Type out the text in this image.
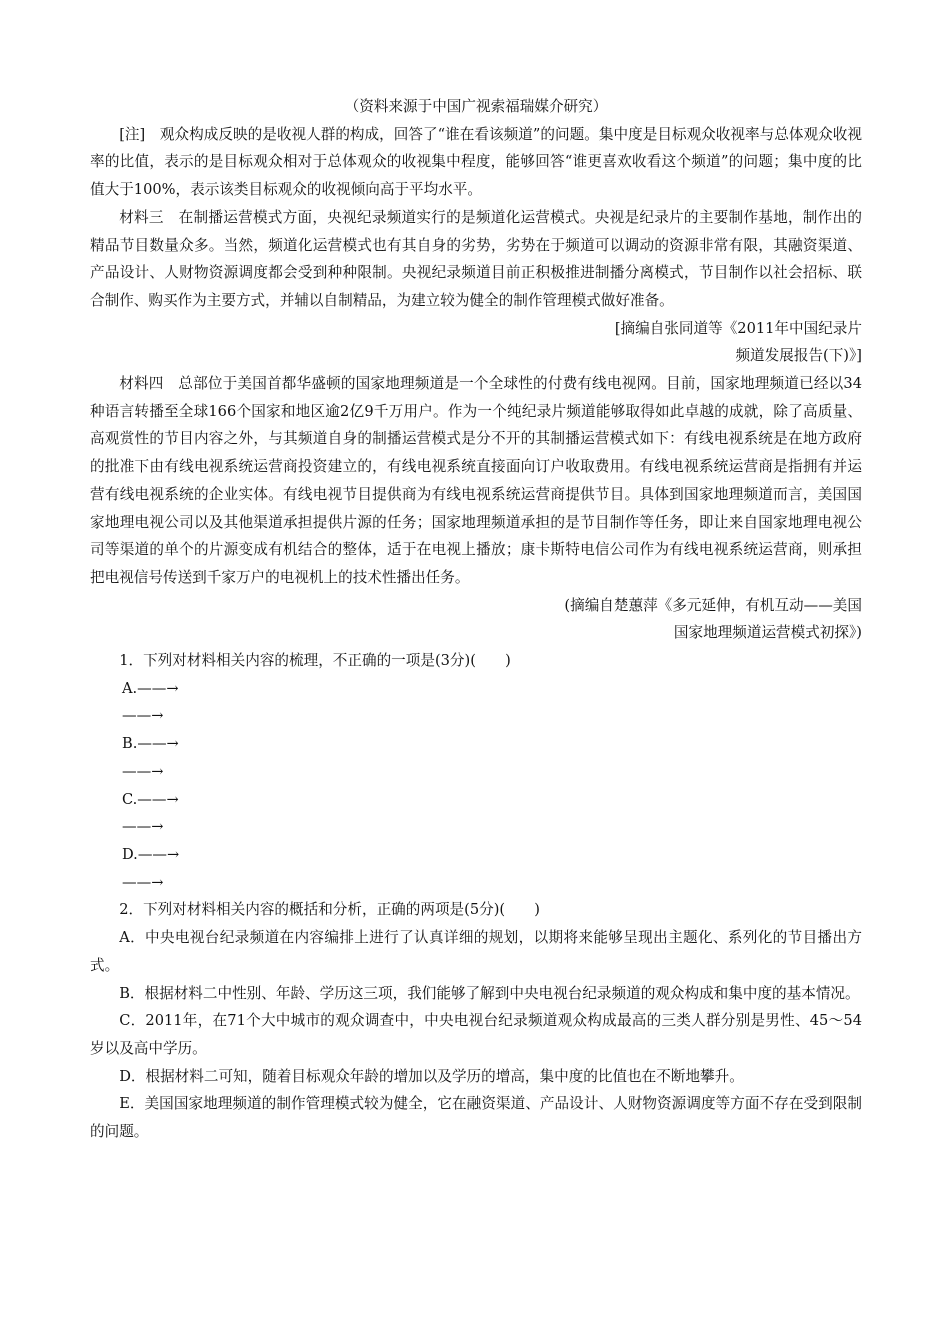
（资料来源于中国广视索福瑞媒介研究）

[注]　观众构成反映的是收视人群的构成，回答了“谁在看该频道”的问题。集中度是目标观众收视率与总体观众收视率的比值，表示的是目标观众相对于总体观众的收视集中程度，能够回答“谁更喜欢收看这个频道”的问题；集中度的比值大于100%，表示该类目标观众的收视倾向高于平均水平。

材料三　在制播运营模式方面，央视纪录频道实行的是频道化运营模式。央视是纪录片的主要制作基地，制作出的精品节目数量众多。当然，频道化运营模式也有其自身的劣势，劣势在于频道可以调动的资源非常有限，其融资渠道、产品设计、人财物资源调度都会受到种种限制。央视纪录频道目前正积极推进制播分离模式，节目制作以社会招标、联合制作、购买作为主要方式，并辅以自制精品，为建立较为健全的制作管理模式做好准备。

[摘编自张同道等《2011年中国纪录片

频道发展报告(下)》]

材料四　总部位于美国首都华盛顿的国家地理频道是一个全球性的付费有线电视网。目前，国家地理频道已经以34种语言转播至全球166个国家和地区逾2亿9千万用户。作为一个纯纪录片频道能够取得如此卓越的成就，除了高质量、高观赏性的节目内容之外，与其频道自身的制播运营模式是分不开的其制播运营模式如下：有线电视系统是在地方政府的批准下由有线电视系统运营商投资建立的，有线电视系统直接面向订户收取费用。有线电视系统运营商是指拥有并运营有线电视系统的企业实体。有线电视节目提供商为有线电视系统运营商提供节目。具体到国家地理频道而言，美国国家地理电视公司以及其他渠道承担提供片源的任务；国家地理频道承担的是节目制作等任务，即让来自国家地理电视公司等渠道的单个的片源变成有机结合的整体，适于在电视上播放；康卡斯特电信公司作为有线电视系统运营商，则承担把电视信号传送到千家万户的电视机上的技术性播出任务。

(摘编自楚蕙萍《多元延伸，有机互动——美国

国家地理频道运营模式初探》)

1．下列对材料相关内容的梳理，不正确的一项是(3分)(　　)

A.——→

——→

B.——→

——→

C.——→

——→

D.——→

——→

2．下列对材料相关内容的概括和分析，正确的两项是(5分)(　　)

A．中央电视台纪录频道在内容编排上进行了认真详细的规划，以期将来能够呈现出主题化、系列化的节目播出方式。

B．根据材料二中性别、年龄、学历这三项，我们能够了解到中央电视台纪录频道的观众构成和集中度的基本情况。

C．2011年，在71个大中城市的观众调查中，中央电视台纪录频道观众构成最高的三类人群分别是男性、45～54岁以及高中学历。

D．根据材料二可知，随着目标观众年龄的增加以及学历的增高，集中度的比值也在不断地攀升。

E．美国国家地理频道的制作管理模式较为健全，它在融资渠道、产品设计、人财物资源调度等方面不存在受到限制的问题。
